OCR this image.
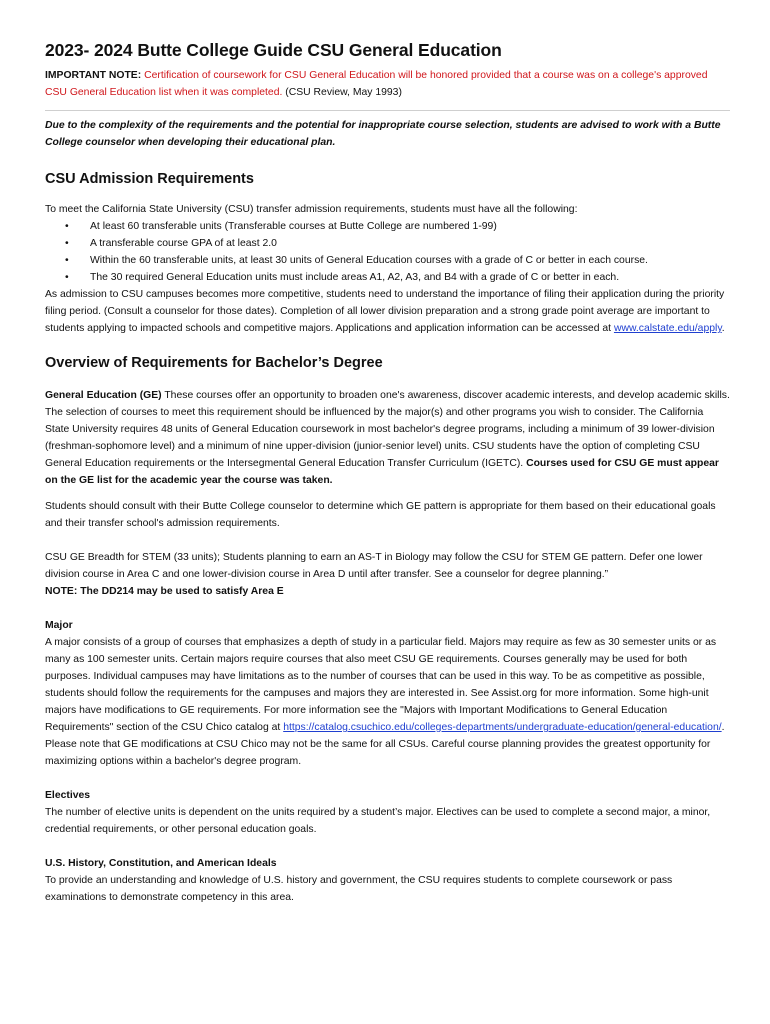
2023- 2024 Butte College Guide CSU General Education

IMPORTANT NOTE: Certification of coursework for CSU General Education will be honored provided that a course was on a college's approved CSU General Education list when it was completed. (CSU Review, May 1993)

Due to the complexity of the requirements and the potential for inappropriate course selection, students are advised to work with a Butte College counselor when developing their educational plan.

CSU Admission Requirements

To meet the California State University (CSU) transfer admission requirements, students must have all the following:

• At least 60 transferable units (Transferable courses at Butte College are numbered 1-99)
• A transferable course GPA of at least 2.0
• Within the 60 transferable units, at least 30 units of General Education courses with a grade of C or better in each course.
• The 30 required General Education units must include areas A1, A2, A3, and B4 with a grade of C or better in each.

As admission to CSU campuses becomes more competitive, students need to understand the importance of filing their application during the priority filing period. (Consult a counselor for those dates). Completion of all lower division preparation and a strong grade point average are important to students applying to impacted schools and competitive majors. Applications and application information can be accessed at www.calstate.edu/apply.

Overview of Requirements for Bachelor’s Degree

General Education (GE) These courses offer an opportunity to broaden one's awareness, discover academic interests, and develop academic skills. The selection of courses to meet this requirement should be influenced by the major(s) and other programs you wish to consider. The California State University requires 48 units of General Education coursework in most bachelor's degree programs, including a minimum of 39 lower-division (freshman-sophomore level) and a minimum of nine upper-division (junior-senior level) units. CSU students have the option of completing CSU General Education requirements or the Intersegmental General Education Transfer Curriculum (IGETC). Courses used for CSU GE must appear on the GE list for the academic year the course was taken.

Students should consult with their Butte College counselor to determine which GE pattern is appropriate for them based on their educational goals and their transfer school's admission requirements.

CSU GE Breadth for STEM (33 units); Students planning to earn an AS-T in Biology may follow the CSU for STEM GE pattern. Defer one lower division course in Area C and one lower-division course in Area D until after transfer. See a counselor for degree planning.”

NOTE: The DD214 may be used to satisfy Area E

Major

A major consists of a group of courses that emphasizes a depth of study in a particular field. Majors may require as few as 30 semester units or as many as 100 semester units. Certain majors require courses that also meet CSU GE requirements. Courses generally may be used for both purposes. Individual campuses may have limitations as to the number of courses that can be used in this way. To be as competitive as possible, students should follow the requirements for the campuses and majors they are interested in. See Assist.org for more information. Some high-unit majors have modifications to GE requirements. For more information see the "Majors with Important Modifications to General Education Requirements" section of the CSU Chico catalog at https://catalog.csuchico.edu/colleges-departments/undergraduate-education/general-education/. Please note that GE modifications at CSU Chico may not be the same for all CSUs. Careful course planning provides the greatest opportunity for maximizing options within a bachelor's degree program.

Electives

The number of elective units is dependent on the units required by a student’s major. Electives can be used to complete a second major, a minor, credential requirements, or other personal education goals.

U.S. History, Constitution, and American Ideals

To provide an understanding and knowledge of U.S. history and government, the CSU requires students to complete coursework or pass examinations to demonstrate competency in this area.
